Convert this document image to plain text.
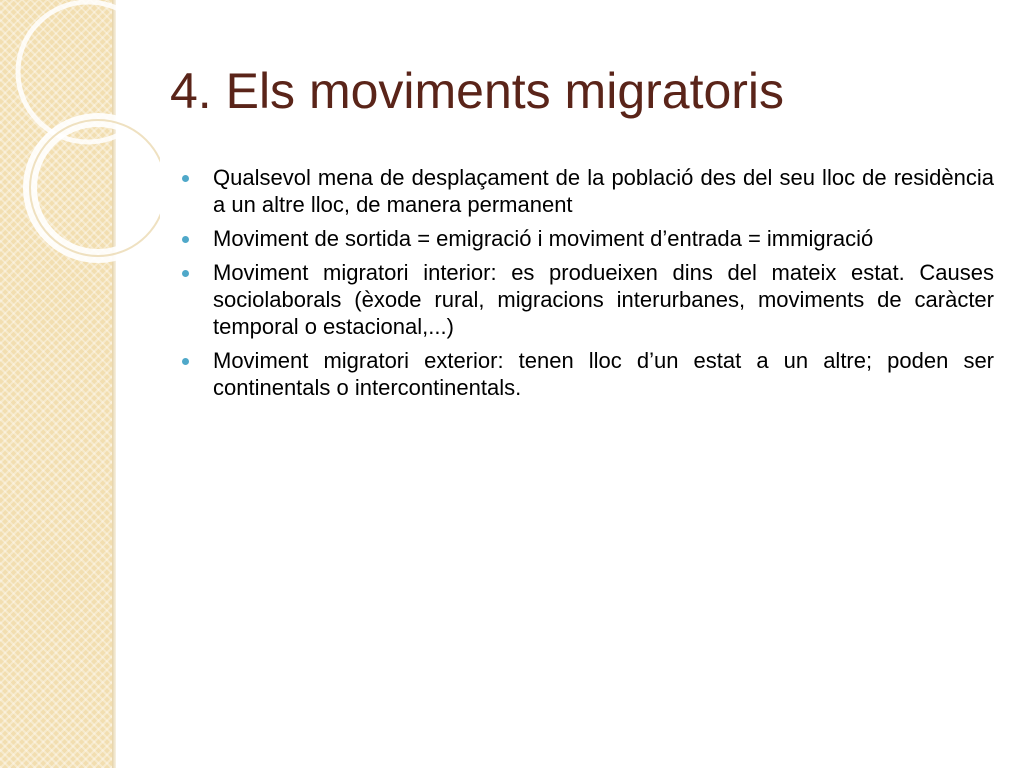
4. Els moviments migratoris
Qualsevol mena de desplaçament de la població des del seu lloc de residència a un altre lloc, de manera permanent
Moviment de sortida = emigració i moviment d’entrada = immigració
Moviment migratori interior: es produeixen dins del mateix estat. Causes sociolaborals (èxode rural, migracions interurbanes, moviments de caràcter temporal o estacional,...)
Moviment migratori exterior: tenen lloc d’un estat a un altre; poden ser continentals o intercontinentals.
